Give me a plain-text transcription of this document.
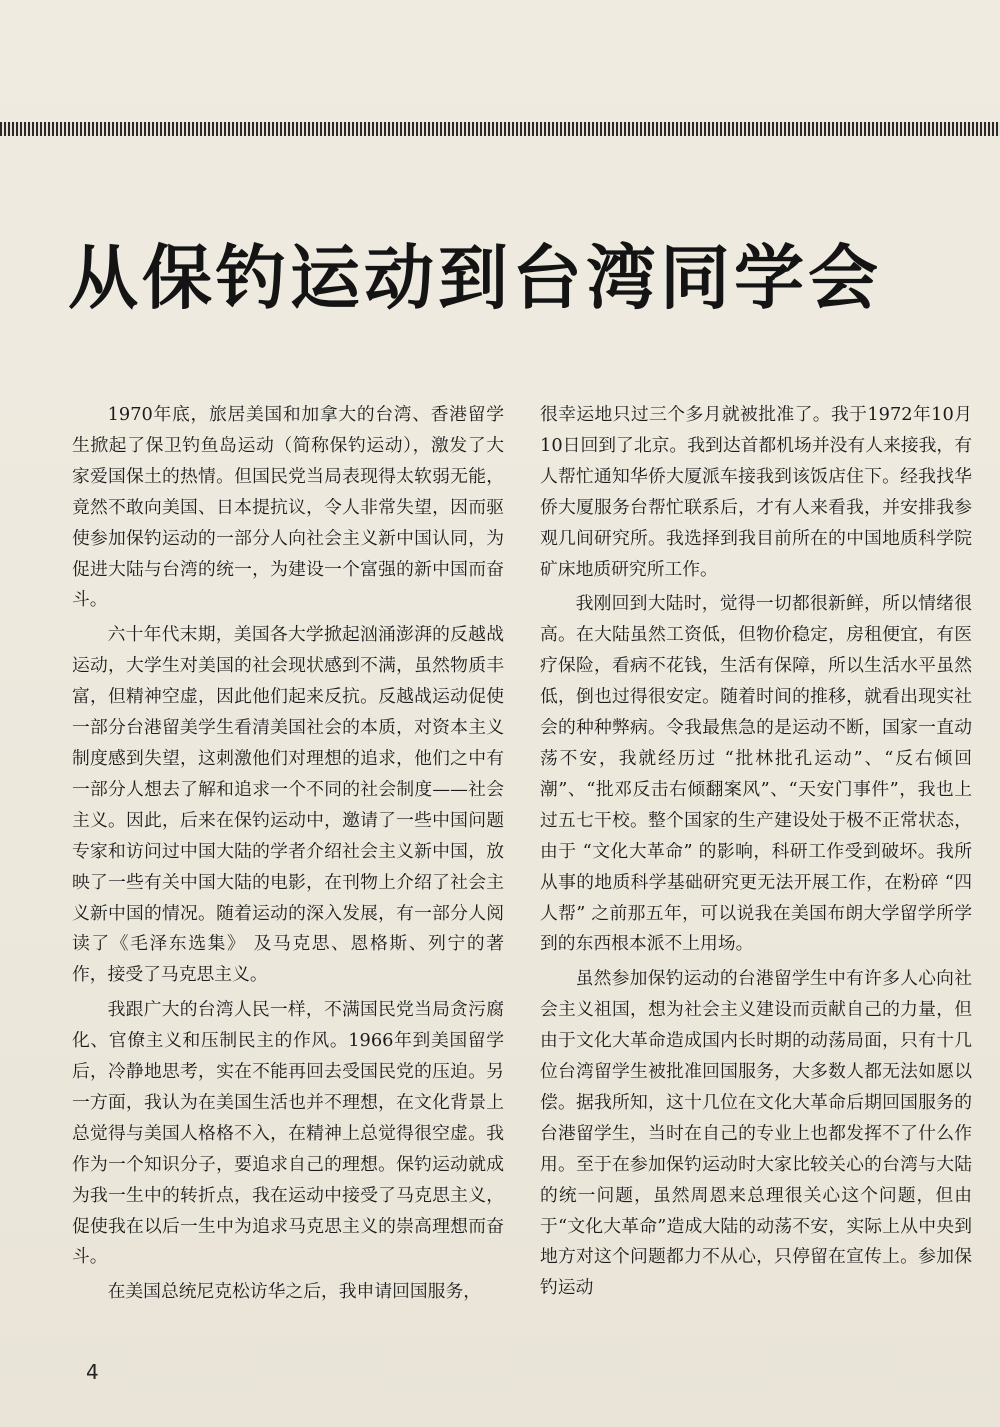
从保钓运动到台湾同学会

1970年底，旅居美国和加拿大的台湾、香港留学生掀起了保卫钓鱼岛运动（简称保钓运动），激发了大家爱国保土的热情。但国民党当局表现得太软弱无能，竟然不敢向美国、日本提抗议，令人非常失望，因而驱使参加保钓运动的一部分人向社会主义新中国认同，为促进大陆与台湾的统一，为建设一个富强的新中国而奋斗。

六十年代末期，美国各大学掀起汹涌澎湃的反越战运动，大学生对美国的社会现状感到不满，虽然物质丰富，但精神空虚，因此他们起来反抗。反越战运动促使一部分台港留美学生看清美国社会的本质，对资本主义制度感到失望，这刺激他们对理想的追求，他们之中有一部分人想去了解和追求一个不同的社会制度——社会主义。因此，后来在保钓运动中，邀请了一些中国问题专家和访问过中国大陆的学者介绍社会主义新中国，放映了一些有关中国大陆的电影，在刊物上介绍了社会主义新中国的情况。随着运动的深入发展，有一部分人阅读了《毛泽东选集》 及马克思、恩格斯、列宁的著作，接受了马克思主义。

我跟广大的台湾人民一样，不满国民党当局贪污腐化、官僚主义和压制民主的作风。1966年到美国留学后，冷静地思考，实在不能再回去受国民党的压迫。另一方面，我认为在美国生活也并不理想，在文化背景上总觉得与美国人格格不入，在精神上总觉得很空虚。我作为一个知识分子，要追求自己的理想。保钓运动就成为我一生中的转折点，我在运动中接受了马克思主义，促使我在以后一生中为追求马克思主义的崇高理想而奋斗。

在美国总统尼克松访华之后，我申请回国服务，

很幸运地只过三个多月就被批准了。我于1972年10月10日回到了北京。我到达首都机场并没有人来接我，有人帮忙通知华侨大厦派车接我到该饭店住下。经我找华侨大厦服务台帮忙联系后，才有人来看我，并安排我参观几间研究所。我选择到我目前所在的中国地质科学院矿床地质研究所工作。

我刚回到大陆时，觉得一切都很新鲜，所以情绪很高。在大陆虽然工资低，但物价稳定，房租便宜，有医疗保险，看病不花钱，生活有保障，所以生活水平虽然低，倒也过得很安定。随着时间的推移，就看出现实社会的种种弊病。令我最焦急的是运动不断，国家一直动荡不安，我就经历过 “批林批孔运动”、“反右倾回潮”、“批邓反击右倾翻案风”、“天安门事件”，我也上过五七干校。整个国家的生产建设处于极不正常状态，由于 “文化大革命” 的影响，科研工作受到破坏。我所从事的地质科学基础研究更无法开展工作，在粉碎 “四人帮” 之前那五年，可以说我在美国布朗大学留学所学到的东西根本派不上用场。

虽然参加保钓运动的台港留学生中有许多人心向社会主义祖国，想为社会主义建设而贡献自己的力量，但由于文化大革命造成国内长时期的动荡局面，只有十几位台湾留学生被批准回国服务，大多数人都无法如愿以偿。据我所知，这十几位在文化大革命后期回国服务的台港留学生，当时在自己的专业上也都发挥不了什么作用。至于在参加保钓运动时大家比较关心的台湾与大陆的统一问题，虽然周恩来总理很关心这个问题，但由于“文化大革命”造成大陆的动荡不安，实际上从中央到地方对这个问题都力不从心，只停留在宣传上。参加保钓运动

4
